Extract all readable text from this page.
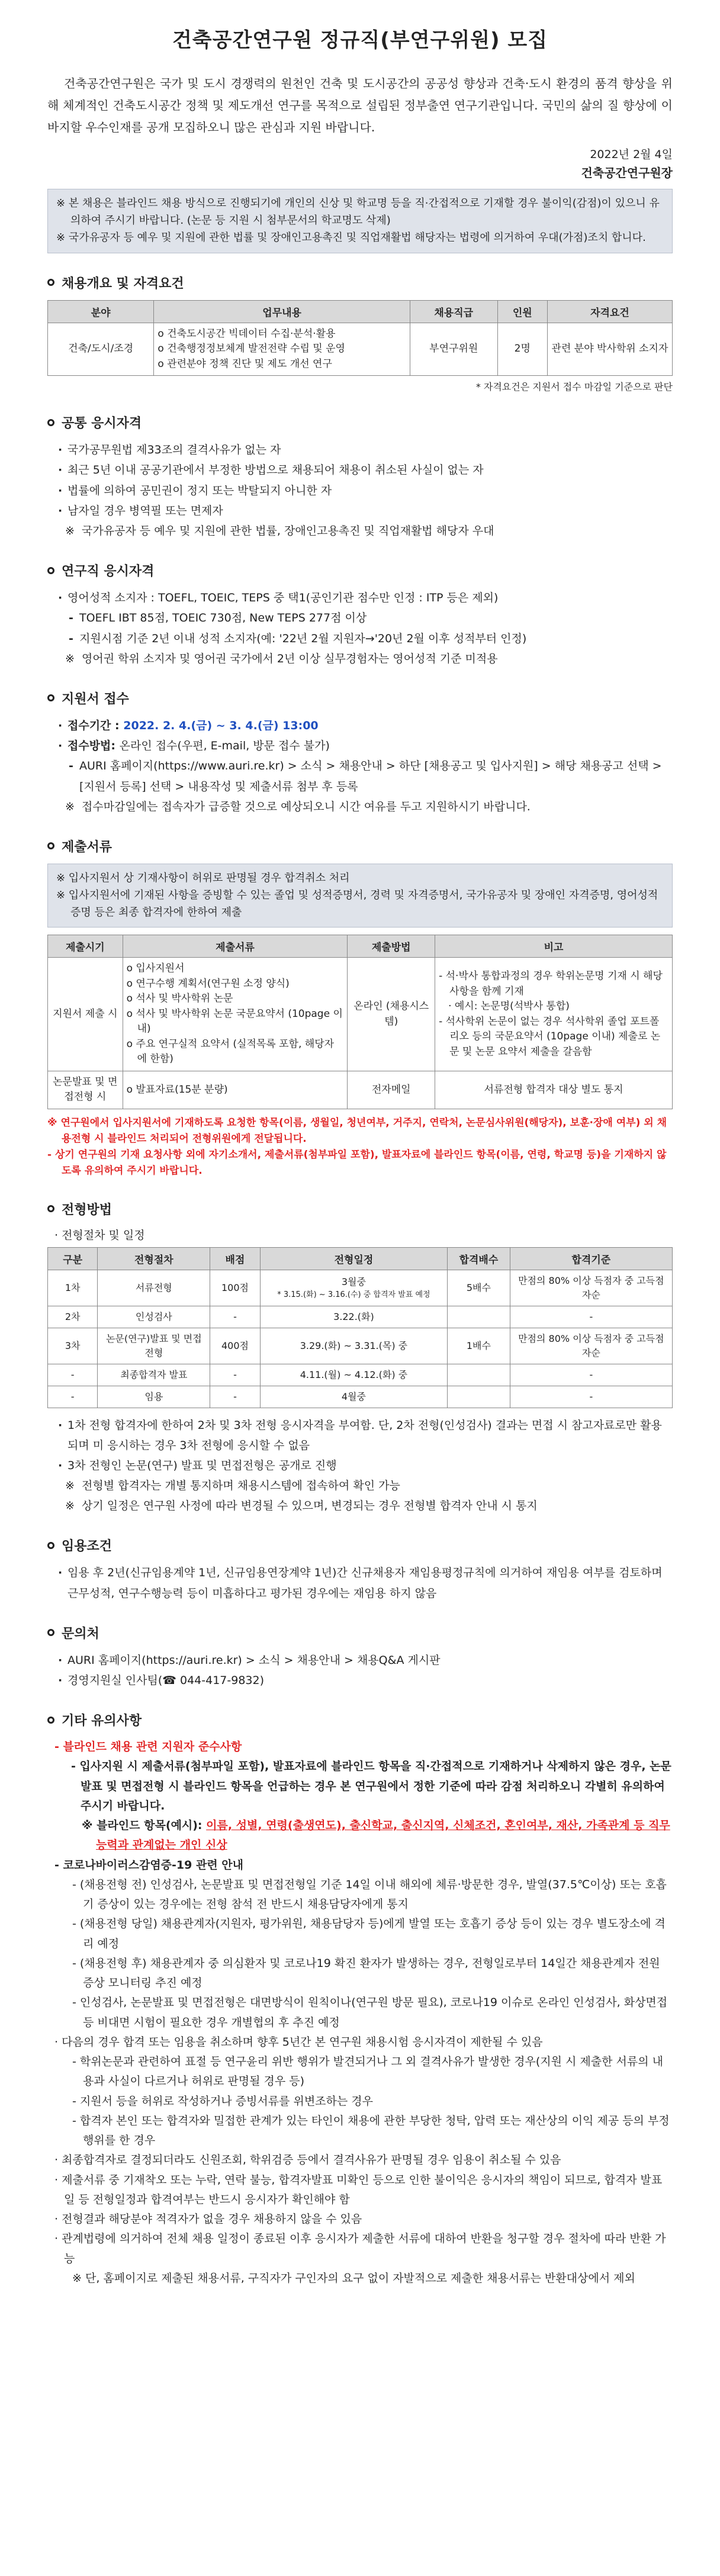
건축공간연구원 정규직(부연구위원) 모집

건축공간연구원은 국가 및 도시 경쟁력의 원천인 건축 및 도시공간의 공공성 향상과 건축·도시 환경의 품격 향상을 위해 체계적인 건축도시공간 정책 및 제도개선 연구를 목적으로 설립된 정부출연 연구기관입니다. 국민의 삶의 질 향상에 이바지할 우수인재를 공개 모집하오니 많은 관심과 지원 바랍니다.

2022년 2월 4일
건축공간연구원장
※ 본 채용은 블라인드 채용 방식으로 진행되기에 개인의 신상 및 학교명 등을 직·간접적으로 기재할 경우 불이익(감점)이 있으니 유의하여 주시기 바랍니다. (논문 등 지원 시 첨부문서의 학교명도 삭제)
※ 국가유공자 등 예우 및 지원에 관한 법률 및 장애인고용촉진 및 직업재활법 해당자는 법령에 의거하여 우대(가점)조치 합니다.
채용개요 및 자격요건
분야	업무내용	채용직급	인원	자격요건
건축/도시/조경	o 건축도시공간 빅데이터 수집·분석·활용
o 건축행정정보체계 발전전략 수립 및 운영
o 관련분야 정책 진단 및 제도 개선 연구	부연구위원	2명	관련 분야 박사학위 소지자
* 자격요건은 지원서 접수 마감일 기준으로 판단
공통 응시자격
· 국가공무원법 제33조의 결격사유가 없는 자
· 최근 5년 이내 공공기관에서 부정한 방법으로 채용되어 채용이 취소된 사실이 없는 자
· 법률에 의하여 공민권이 정지 또는 박탈되지 아니한 자
· 남자일 경우 병역필 또는 면제자
※ 국가유공자 등 예우 및 지원에 관한 법률, 장애인고용촉진 및 직업재활법 해당자 우대
연구직 응시자격
· 영어성적 소지자 : TOEFL, TOEIC, TEPS 중 택1(공인기관 점수만 인정 : ITP 등은 제외)
- TOEFL IBT 85점, TOEIC 730점, New TEPS 277점 이상
- 지원시점 기준 2년 이내 성적 소지자(예: '22년 2월 지원자→'20년 2월 이후 성적부터 인정)
※ 영어권 학위 소지자 및 영어권 국가에서 2년 이상 실무경험자는 영어성적 기준 미적용
지원서 접수
· 접수기간 : 2022. 2. 4.(금) ~ 3. 4.(금) 13:00
· 접수방법: 온라인 접수(우편, E-mail, 방문 접수 불가)
- AURI 홈페이지(https://www.auri.re.kr) > 소식 > 채용안내 > 하단 [채용공고 및 입사지원] > 해당 채용공고 선택 > [지원서 등록] 선택 > 내용작성 및 제출서류 첨부 후 등록
※ 접수마감일에는 접속자가 급증할 것으로 예상되오니 시간 여유를 두고 지원하시기 바랍니다.
제출서류
※ 입사지원서 상 기재사항이 허위로 판명될 경우 합격취소 처리
※ 입사지원서에 기재된 사항을 증빙할 수 있는 졸업 및 성적증명서, 경력 및 자격증명서, 국가유공자 및 장애인 자격증명, 영어성적증명 등은 최종 합격자에 한하여 제출
제출시기	제출서류	제출방법	비고
지원서 제출 시	o 입사지원서
o 연구수행 계획서(연구원 소정 양식)
o 석사 및 박사학위 논문
o 석사 및 박사학위 논문 국문요약서 (10page 이내)
o 주요 연구실적 요약서 (실적목록 포함, 해당자에 한함)	온라인 (채용시스템)	- 석·박사 통합과정의 경우 학위논문명 기재 시 해당사항을 함께 기재
· 예시: 논문명(석박사 통합)
- 석사학위 논문이 없는 경우 석사학위 졸업 포트폴리오 등의 국문요약서 (10page 이내) 제출로 논문 및 논문 요약서 제출을 갈음함

논문발표 및 면접전형 시	o 발표자료(15분 분량)	전자메일	서류전형 합격자 대상 별도 통지
※ 연구원에서 입사지원서에 기재하도록 요청한 항목(이름, 생월일, 청년여부, 거주지, 연락처, 논문심사위원(해당자), 보훈·장애 여부) 외 채용전형 시 블라인드 처리되어 전형위원에게 전달됩니다.
- 상기 연구원의 기재 요청사항 외에 자기소개서, 제출서류(첨부파일 포함), 발표자료에 블라인드 항목(이름, 연령, 학교명 등)을 기재하지 않도록 유의하여 주시기 바랍니다.
전형방법
· 전형절차 및 일정
구분	전형절차	배점	전형일정	합격배수	합격기준
1차	서류전형	100점	3월중
* 3.15.(화) ~ 3.16.(수) 중 합격자 발표 예정	5배수	만점의 80% 이상 득점자 중 고득점자순
2차	인성검사	-	3.22.(화)		-
3차	논문(연구)발표 및 면접전형	400점	3.29.(화) ~ 3.31.(목) 중	1배수	만점의 80% 이상 득점자 중 고득점자순
-	최종합격자 발표	-	4.11.(월) ~ 4.12.(화) 중		-
-	임용	-	4월중		-
· 1차 전형 합격자에 한하여 2차 및 3차 전형 응시자격을 부여함. 단, 2차 전형(인성검사) 결과는 면접 시 참고자료로만 활용되며 미 응시하는 경우 3차 전형에 응시할 수 없음
· 3차 전형인 논문(연구) 발표 및 면접전형은 공개로 진행
※ 전형별 합격자는 개별 통지하며 채용시스템에 접속하여 확인 가능
※ 상기 일정은 연구원 사정에 따라 변경될 수 있으며, 변경되는 경우 전형별 합격자 안내 시 통지
임용조건
· 임용 후 2년(신규임용계약 1년, 신규임용연장계약 1년)간 신규채용자 재임용평정규칙에 의거하여 재임용 여부를 검토하며 근무성적, 연구수행능력 등이 미흡하다고 평가된 경우에는 재임용 하지 않음
문의처
· AURI 홈페이지(https://auri.re.kr) > 소식 > 채용안내 > 채용Q&A 게시판
· 경영지원실 인사팀(☎ 044-417-9832)
기타 유의사항
- 블라인드 채용 관련 지원자 준수사항
- 입사지원 시 제출서류(첨부파일 포함), 발표자료에 블라인드 항목을 직·간접적으로 기재하거나 삭제하지 않은 경우, 논문발표 및 면접전형 시 블라인드 항목을 언급하는 경우 본 연구원에서 정한 기준에 따라 감점 처리하오니 각별히 유의하여 주시기 바랍니다.
※ 블라인드 항목(예시): 이름, 성별, 연령(출생연도), 출신학교, 출신지역, 신체조건, 혼인여부, 재산, 가족관계 등 직무능력과 관계없는 개인 신상
- 코로나바이러스감염증-19 관련 안내
- (채용전형 전) 인성검사, 논문발표 및 면접전형일 기준 14일 이내 해외에 체류·방문한 경우, 발열(37.5℃이상) 또는 호흡기 증상이 있는 경우에는 전형 참석 전 반드시 채용담당자에게 통지
- (채용전형 당일) 채용관계자(지원자, 평가위원, 채용담당자 등)에게 발열 또는 호흡기 증상 등이 있는 경우 별도장소에 격리 예정
- (채용전형 후) 채용관계자 중 의심환자 및 코로나19 확진 환자가 발생하는 경우, 전형일로부터 14일간 채용관계자 전원 증상 모니터링 추진 예정
- 인성검사, 논문발표 및 면접전형은 대면방식이 원칙이나(연구원 방문 필요), 코로나19 이슈로 온라인 인성검사, 화상면접 등 비대면 시험이 필요한 경우 개별협의 후 추진 예정
· 다음의 경우 합격 또는 임용을 취소하며 향후 5년간 본 연구원 채용시험 응시자격이 제한될 수 있음
- 학위논문과 관련하여 표절 등 연구윤리 위반 행위가 발견되거나 그 외 결격사유가 발생한 경우(지원 시 제출한 서류의 내용과 사실이 다르거나 허위로 판명될 경우 등)
- 지원서 등을 허위로 작성하거나 증빙서류를 위변조하는 경우
- 합격자 본인 또는 합격자와 밀접한 관계가 있는 타인이 채용에 관한 부당한 청탁, 압력 또는 재산상의 이익 제공 등의 부정행위를 한 경우
· 최종합격자로 결정되더라도 신원조회, 학위검증 등에서 결격사유가 판명될 경우 임용이 취소될 수 있음
· 제출서류 중 기재착오 또는 누락, 연락 불능, 합격자발표 미확인 등으로 인한 불이익은 응시자의 책임이 되므로, 합격자 발표일 등 전형일정과 합격여부는 반드시 응시자가 확인해야 함
· 전형결과 해당분야 적격자가 없을 경우 채용하지 않을 수 있음
· 관계법령에 의거하여 전체 채용 일정이 종료된 이후 응시자가 제출한 서류에 대하여 반환을 청구할 경우 절차에 따라 반환 가능
※ 단, 홈페이지로 제출된 채용서류, 구직자가 구인자의 요구 없이 자발적으로 제출한 채용서류는 반환대상에서 제외
